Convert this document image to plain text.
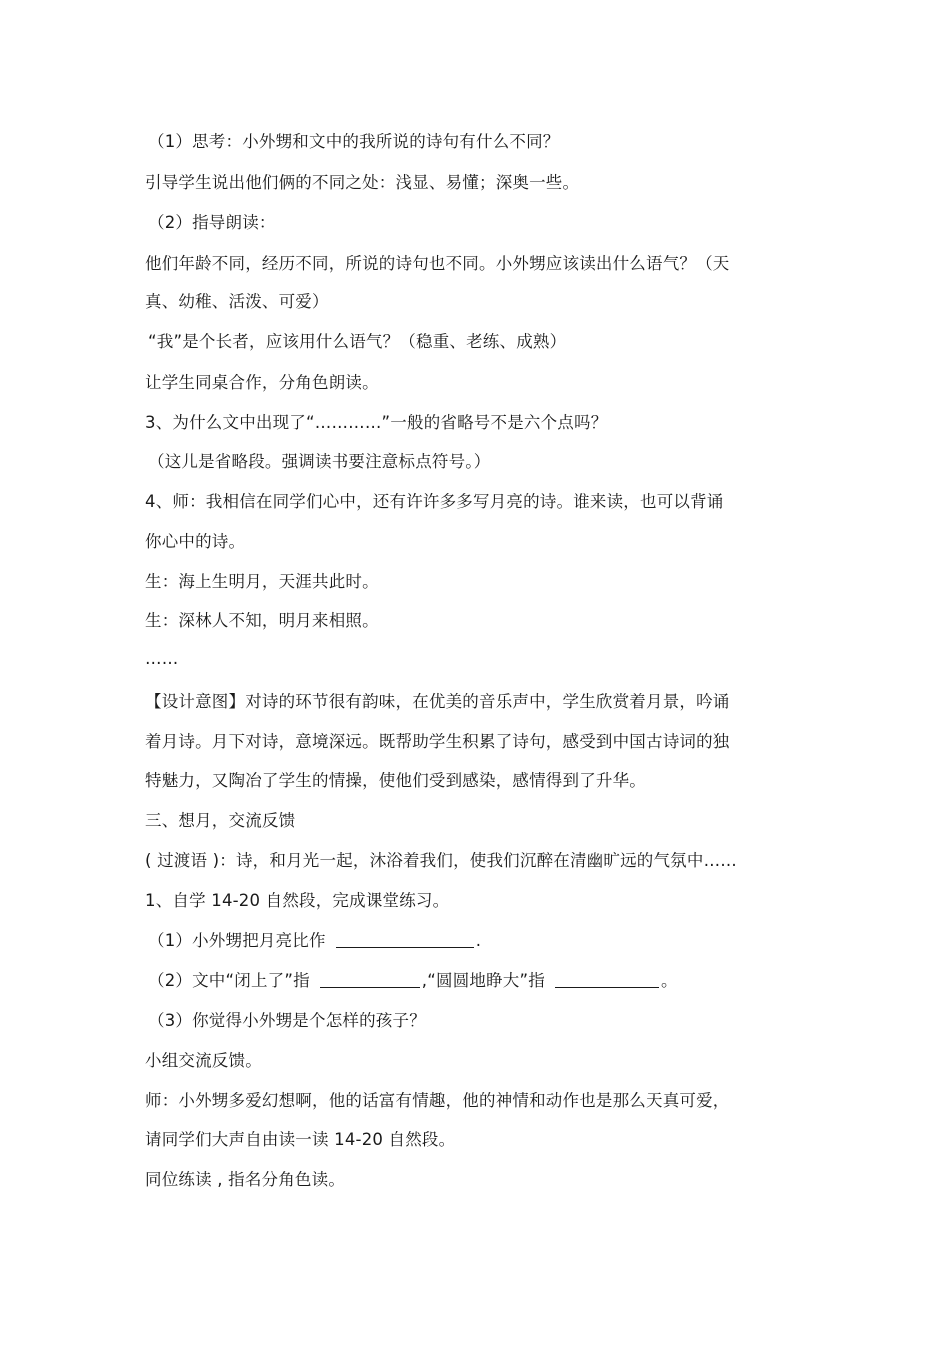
（1）思考：小外甥和文中的我所说的诗句有什么不同？
引导学生说出他们俩的不同之处：浅显、易懂；深奥一些。
（2）指导朗读：
他们年龄不同，经历不同，所说的诗句也不同。小外甥应该读出什么语气？（天
真、幼稚、活泼、可爱）
“我”是个长者，应该用什么语气？（稳重、老练、成熟）
让学生同桌合作，分角色朗读。
3、为什么文中出现了“…………”一般的省略号不是六个点吗？
（这儿是省略段。强调读书要注意标点符号。）
4、师：我相信在同学们心中，还有许许多多写月亮的诗。谁来读，也可以背诵
你心中的诗。
生：海上生明月，天涯共此时。
生：深林人不知，明月来相照。
……
【设计意图】对诗的环节很有韵味，在优美的音乐声中，学生欣赏着月景，吟诵
着月诗。月下对诗，意境深远。既帮助学生积累了诗句，感受到中国古诗词的独
特魅力，又陶冶了学生的情操，使他们受到感染，感情得到了升华。
三、想月，交流反馈
( 过渡语 )：诗，和月光一起，沐浴着我们，使我们沉醉在清幽旷远的气氛中……
1、自学 14-20 自然段，完成课堂练习。
（1）小外甥把月亮比作	.
（2）文中“闭上了”指	,“圆圆地睁大”指	。
（3）你觉得小外甥是个怎样的孩子？
小组交流反馈。
师：小外甥多爱幻想啊，他的话富有情趣，他的神情和动作也是那么天真可爱，
请同学们大声自由读一读 14-20 自然段。
同位练读 , 指名分角色读。
